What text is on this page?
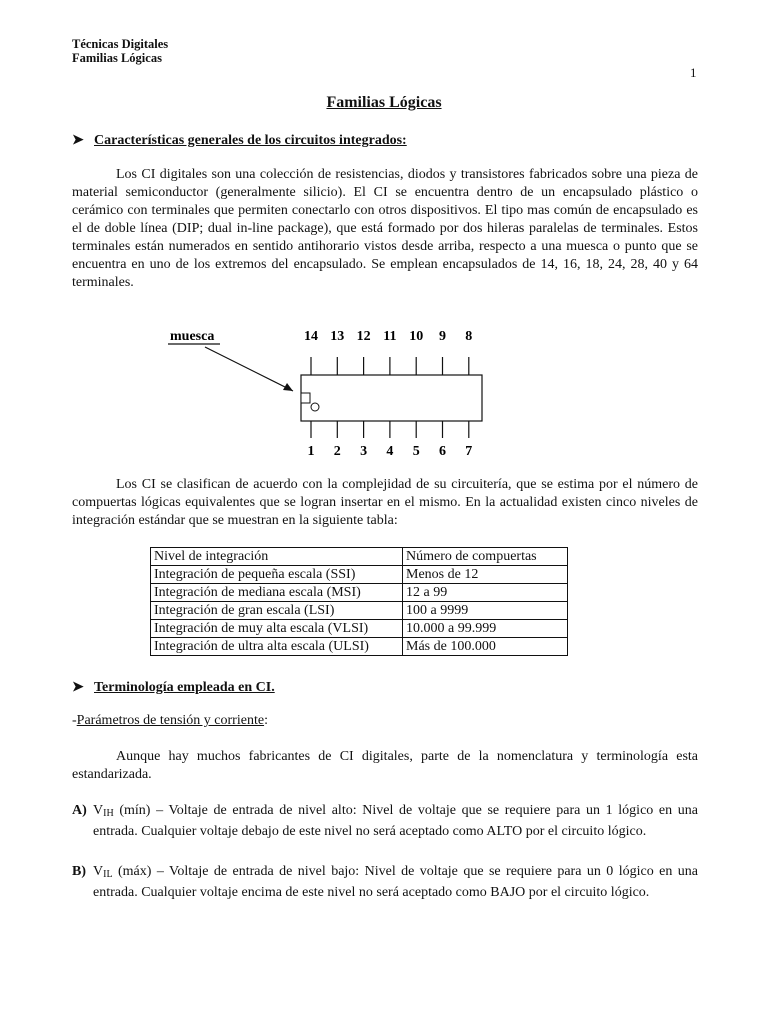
Técnicas Digitales
Familias Lógicas
1
Familias Lógicas
➤ Características generales de los circuitos integrados:

Los CI digitales son una colección de resistencias, diodos y transistores fabricados sobre una pieza de material semiconductor (generalmente silicio). El CI se encuentra dentro de un encapsulado plástico o cerámico con terminales que permiten conectarlo con otros dispositivos. El tipo mas común de encapsulado es el de doble línea (DIP; dual in-line package), que está formado por dos hileras paralelas de terminales. Estos terminales están numerados en sentido antihorario vistos desde arriba, respecto a una muesca o punto que se encuentra en uno de los extremos del encapsulado. Se emplean encapsulados de 14, 16, 18, 24, 28, 40 y 64 terminales.

muesca	14 13 12 11 10 9 8
1 2 3 4 5 6 7

Los CI se clasifican de acuerdo con la complejidad de su circuitería, que se estima por el número de compuertas lógicas equivalentes que se logran insertar en el mismo. En la actualidad existen cinco niveles de integración estándar que se muestran en la siguiente tabla:

Nivel de integración	Número de compuertas
Integración de pequeña escala (SSI)	Menos de 12
Integración de mediana escala (MSI)	12 a 99
Integración de gran escala (LSI)	100 a 9999
Integración de muy alta escala (VLSI)	10.000 a 99.999
Integración de ultra alta escala (ULSI)	Más de 100.000
➤ Terminología empleada en CI.
-Parámetros de tensión y corriente:

Aunque hay muchos fabricantes de CI digitales, parte de la nomenclatura y terminología esta estandarizada.

A) $V_{IH}$ (mín) – Voltaje de entrada de nivel alto: Nivel de voltaje que se requiere para un 1 lógico en una entrada. Cualquier voltaje debajo de este nivel no será aceptado como ALTO por el circuito lógico.
B) $V_{IL}$ (máx) – Voltaje de entrada de nivel bajo: Nivel de voltaje que se requiere para un 0 lógico en una entrada. Cualquier voltaje encima de este nivel no será aceptado como BAJO por el circuito lógico.
